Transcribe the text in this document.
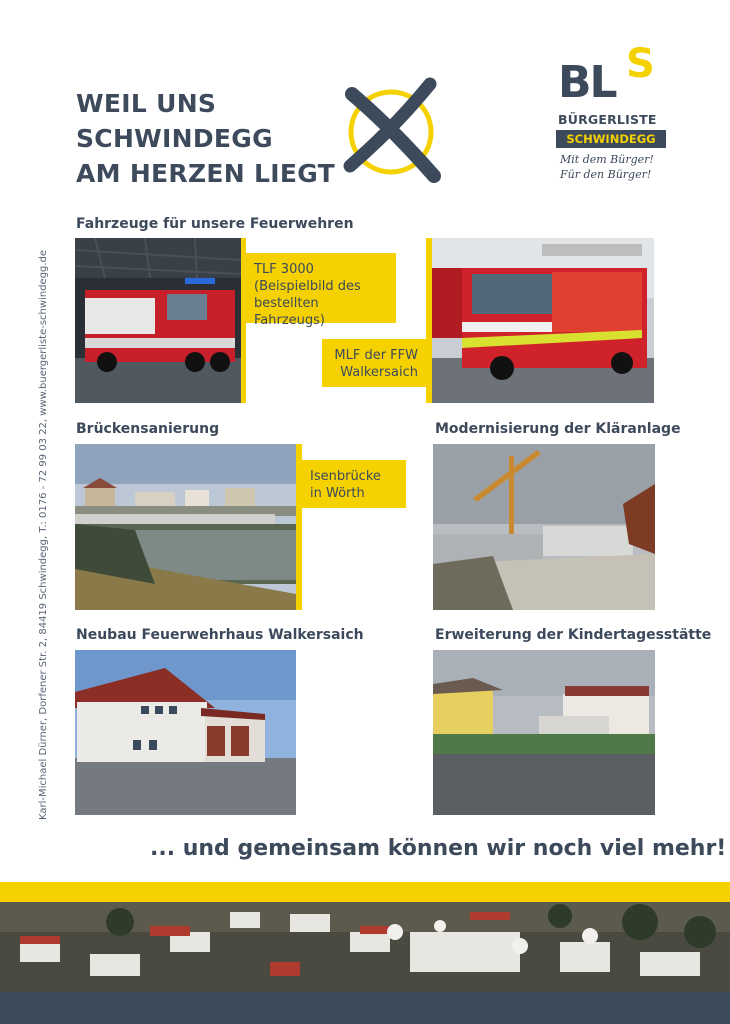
WEIL UNS
SCHWINDEGG
AM HERZEN LIEGT
BL S
BÜRGERLISTE
SCHWINDEGG
Mit dem Bürger!
Für den Bürger!
Fahrzeuge für unsere Feuerwehren
TLF 3000
(Beispielbild des
bestellten Fahrzeugs)
MLF der FFW
Walkersaich
Brückensanierung
Isenbrücke
in Wörth
Modernisierung der Kläranlage
Neubau Feuerwehrhaus Walkersaich	Erweiterung der Kindertagesstätte
Karl-Michael Dürner, Dorfener Str. 2, 84419 Schwindegg, T.: 0176 - 72 99 03 22, www.buergerliste-schwindegg.de
... und gemeinsam können wir noch viel mehr!
